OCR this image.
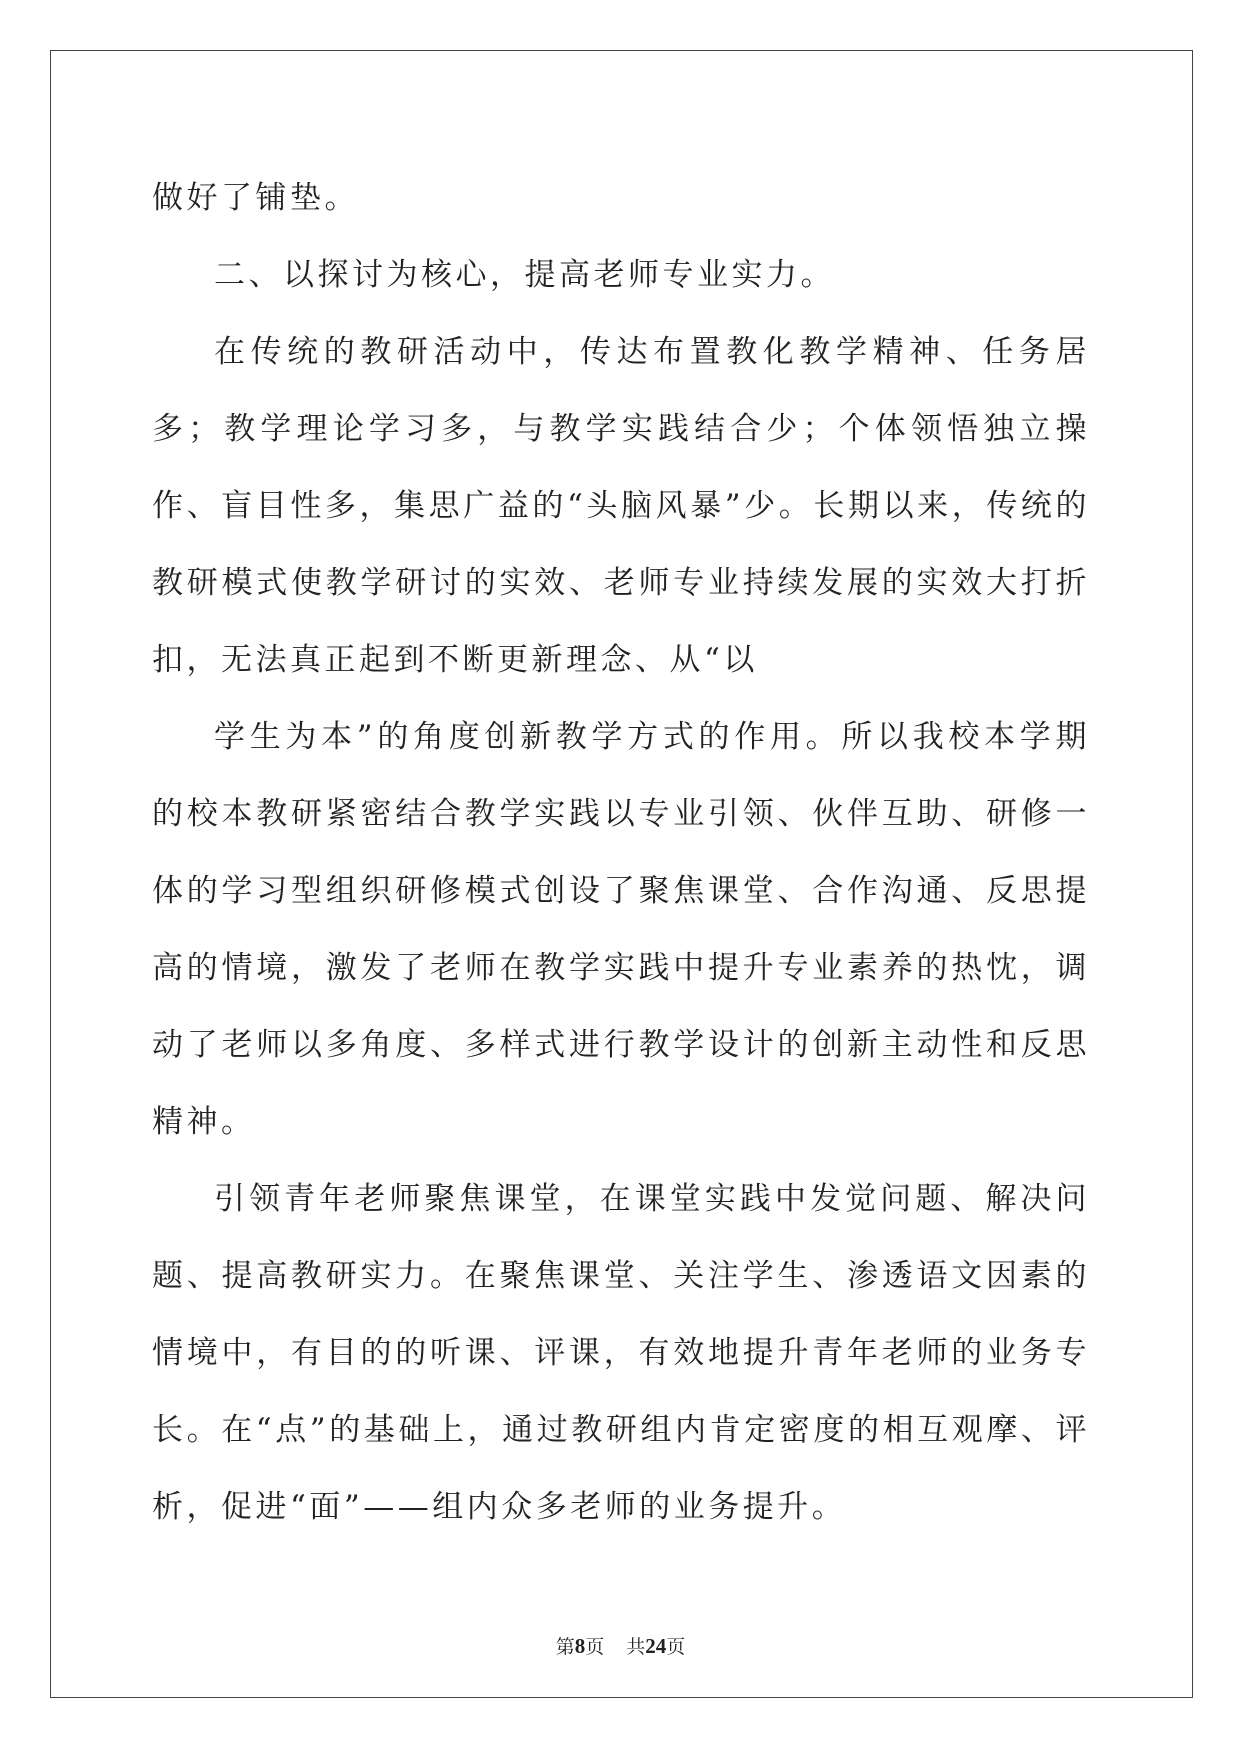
做好了铺垫。

二、以探讨为核心，提高老师专业实力。

在传统的教研活动中，传达布置教化教学精神、任务居多；教学理论学习多，与教学实践结合少；个体领悟独立操作、盲目性多，集思广益的“头脑风暴”少。长期以来，传统的教研模式使教学研讨的实效、老师专业持续发展的实效大打折扣，无法真正起到不断更新理念、从“以

学生为本”的角度创新教学方式的作用。所以我校本学期的校本教研紧密结合教学实践以专业引领、伙伴互助、研修一体的学习型组织研修模式创设了聚焦课堂、合作沟通、反思提高的情境，激发了老师在教学实践中提升专业素养的热忱，调动了老师以多角度、多样式进行教学设计的创新主动性和反思精神。

引领青年老师聚焦课堂，在课堂实践中发觉问题、解决问题、提高教研实力。在聚焦课堂、关注学生、渗透语文因素的情境中，有目的的听课、评课，有效地提升青年老师的业务专长。在“点”的基础上，通过教研组内肯定密度的相互观摩、评析，促进“面”——组内众多老师的业务提升。

第8页 共24页
